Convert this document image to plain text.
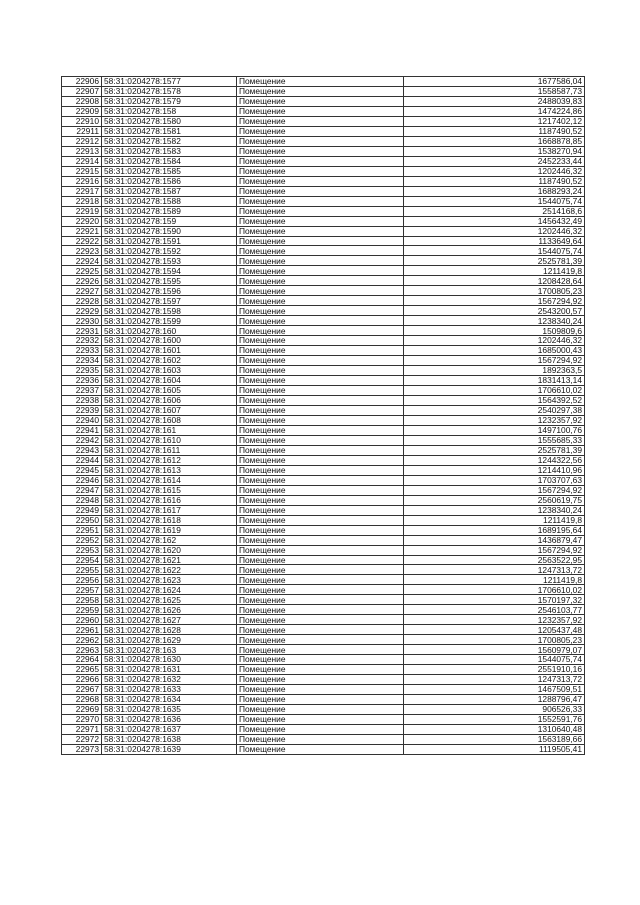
22906	58:31:0204278:1577	Помещение	1677586,04
22907	58:31:0204278:1578	Помещение	1558587,73
22908	58:31:0204278:1579	Помещение	2488039,83
22909	58:31:0204278:158	Помещение	1474224,86
22910	58:31:0204278:1580	Помещение	1217402,12
22911	58:31:0204278:1581	Помещение	1187490,52
22912	58:31:0204278:1582	Помещение	1668878,85
22913	58:31:0204278:1583	Помещение	1538270,94
22914	58:31:0204278:1584	Помещение	2452233,44
22915	58:31:0204278:1585	Помещение	1202446,32
22916	58:31:0204278:1586	Помещение	1187490,52
22917	58:31:0204278:1587	Помещение	1688293,24
22918	58:31:0204278:1588	Помещение	1544075,74
22919	58:31:0204278:1589	Помещение	2514168,6
22920	58:31:0204278:159	Помещение	1456432,49
22921	58:31:0204278:1590	Помещение	1202446,32
22922	58:31:0204278:1591	Помещение	1133649,64
22923	58:31:0204278:1592	Помещение	1544075,74
22924	58:31:0204278:1593	Помещение	2525781,39
22925	58:31:0204278:1594	Помещение	1211419,8
22926	58:31:0204278:1595	Помещение	1208428,64
22927	58:31:0204278:1596	Помещение	1700805,23
22928	58:31:0204278:1597	Помещение	1567294,92
22929	58:31:0204278:1598	Помещение	2543200,57
22930	58:31:0204278:1599	Помещение	1238340,24
22931	58:31:0204278:160	Помещение	1509809,6
22932	58:31:0204278:1600	Помещение	1202446,32
22933	58:31:0204278:1601	Помещение	1685000,43
22934	58:31:0204278:1602	Помещение	1567294,92
22935	58:31:0204278:1603	Помещение	1892363,5
22936	58:31:0204278:1604	Помещение	1831413,14
22937	58:31:0204278:1605	Помещение	1706610,02
22938	58:31:0204278:1606	Помещение	1564392,52
22939	58:31:0204278:1607	Помещение	2540297,38
22940	58:31:0204278:1608	Помещение	1232357,92
22941	58:31:0204278:161	Помещение	1497100,76
22942	58:31:0204278:1610	Помещение	1555685,33
22943	58:31:0204278:1611	Помещение	2525781,39
22944	58:31:0204278:1612	Помещение	1244322,56
22945	58:31:0204278:1613	Помещение	1214410,96
22946	58:31:0204278:1614	Помещение	1703707,63
22947	58:31:0204278:1615	Помещение	1567294,92
22948	58:31:0204278:1616	Помещение	2560619,75
22949	58:31:0204278:1617	Помещение	1238340,24
22950	58:31:0204278:1618	Помещение	1211419,8
22951	58:31:0204278:1619	Помещение	1689195,64
22952	58:31:0204278:162	Помещение	1436879,47
22953	58:31:0204278:1620	Помещение	1567294,92
22954	58:31:0204278:1621	Помещение	2563522,95
22955	58:31:0204278:1622	Помещение	1247313,72
22956	58:31:0204278:1623	Помещение	1211419,8
22957	58:31:0204278:1624	Помещение	1706610,02
22958	58:31:0204278:1625	Помещение	1570197,32
22959	58:31:0204278:1626	Помещение	2546103,77
22960	58:31:0204278:1627	Помещение	1232357,92
22961	58:31:0204278:1628	Помещение	1205437,48
22962	58:31:0204278:1629	Помещение	1700805,23
22963	58:31:0204278:163	Помещение	1560979,07
22964	58:31:0204278:1630	Помещение	1544075,74
22965	58:31:0204278:1631	Помещение	2551910,16
22966	58:31:0204278:1632	Помещение	1247313,72
22967	58:31:0204278:1633	Помещение	1467509,51
22968	58:31:0204278:1634	Помещение	1288796,47
22969	58:31:0204278:1635	Помещение	906526,33
22970	58:31:0204278:1636	Помещение	1552591,76
22971	58:31:0204278:1637	Помещение	1310640,48
22972	58:31:0204278:1638	Помещение	1563189,66
22973	58:31:0204278:1639	Помещение	1119505,41
